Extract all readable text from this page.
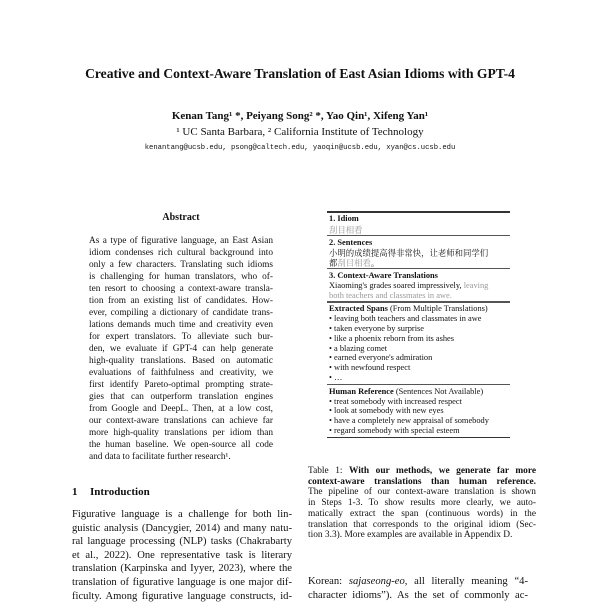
Creative and Context-Aware Translation of East Asian Idioms with GPT-4
Kenan Tang¹ *, Peiyang Song² *, Yao Qin¹, Xifeng Yan¹
¹ UC Santa Barbara, ² California Institute of Technology
kenantang@ucsb.edu, psong@caltech.edu, yaoqin@ucsb.edu, xyan@cs.ucsb.edu
Abstract
As a type of figurative language, an East Asian
idiom condenses rich cultural background into
only a few characters. Translating such idioms
is challenging for human translators, who of-
ten resort to choosing a context-aware transla-
tion from an existing list of candidates. How-
ever, compiling a dictionary of candidate trans-
lations demands much time and creativity even
for expert translators. To alleviate such bur-
den, we evaluate if GPT-4 can help generate
high-quality translations. Based on automatic
evaluations of faithfulness and creativity, we
first identify Pareto-optimal prompting strate-
gies that can outperform translation engines
from Google and DeepL. Then, at a low cost,
our context-aware translations can achieve far
more high-quality translations per idiom than
the human baseline. We open-source all code
and data to facilitate further research¹.
1 Introduction
Figurative language is a challenge for both lin-
guistic analysis (Dancygier, 2014) and many natu-
ral language processing (NLP) tasks (Chakrabarty
et al., 2022). One representative task is literary
translation (Karpinska and Iyyer, 2023), where the
translation of figurative language is one major dif-
ficulty. Among figurative language constructs, id-
1. Idiom
刮目相看
2. Sentences
小明的成绩提高得非常快，让老师和同学们
都刮目相看。
3. Context-Aware Translations
Xiaoming's grades soared impressively, leaving
both teachers and classmates in awe.
Extracted Spans (From Multiple Translations)
• leaving both teachers and classmates in awe
• taken everyone by surprise
• like a phoenix reborn from its ashes
• a blazing comet
• earned everyone's admiration
• with newfound respect
• …
Human Reference (Sentences Not Available)
• treat somebody with increased respect
• look at somebody with new eyes
• have a completely new appraisal of somebody
• regard somebody with special esteem
Table 1: With our methods, we generate far more
context-aware translations than human reference.
The pipeline of our context-aware translation is shown
in Steps 1-3. To show results more clearly, we auto-
matically extract the span (continuous words) in the
translation that corresponds to the original idiom (Sec-
tion 3.3). More examples are available in Appendix D.
Korean: sajaseong-eo, all literally meaning “4-
character idioms”). As the set of commonly ac-
